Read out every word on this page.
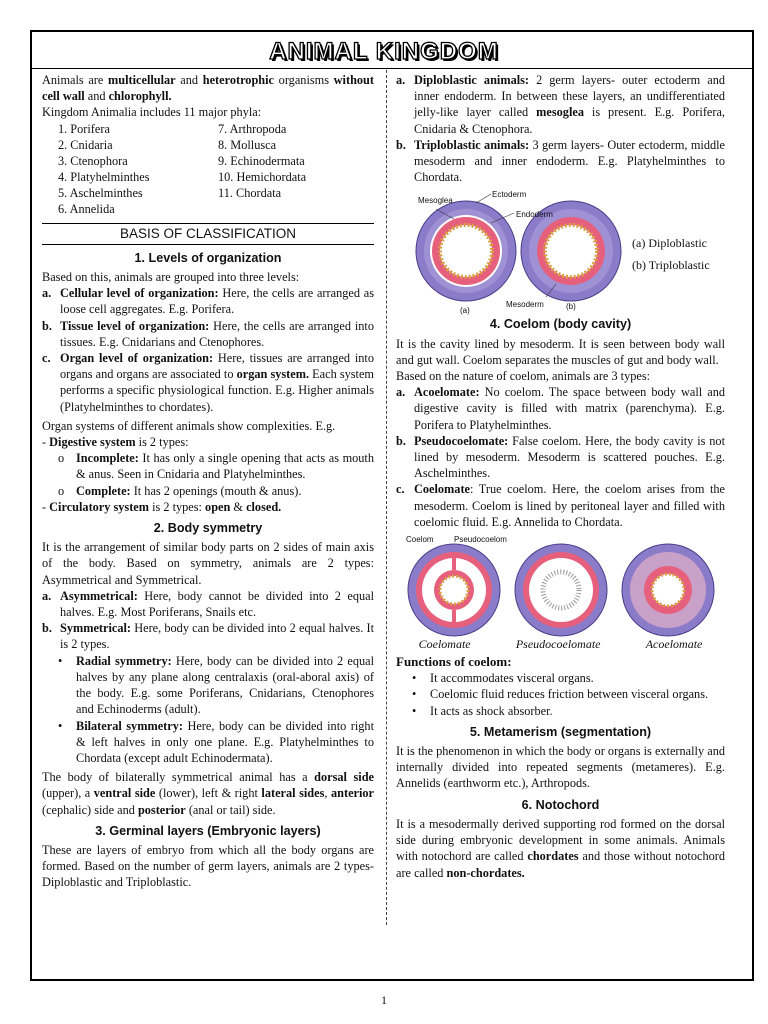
ANIMAL KINGDOM

Animals are multicellular and heterotrophic organisms without cell wall and chlorophyll.

Kingdom Animalia includes 11 major phyla:

1. Porifera	7. Arthropoda
2. Cnidaria	8. Mollusca
3. Ctenophora	9. Echinodermata
4. Platyhelminthes	10. Hemichordata
5. Aschelminthes	11. Chordata
6. Annelida
BASIS OF CLASSIFICATION
1. Levels of organization

Based on this, animals are grouped into three levels:

a. Cellular level of organization: Here, the cells are arranged as loose cell aggregates. E.g. Porifera.
b. Tissue level of organization: Here, the cells are arranged into tissues. E.g. Cnidarians and Ctenophores.
c. Organ level of organization: Here, tissues are arranged into organs and organs are associated to organ system. Each system performs a specific physiological function. E.g. Higher animals (Platyhelminthes to chordates).

Organ systems of different animals show complexities. E.g.

- Digestive system is 2 types:
o Incomplete: It has only a single opening that acts as mouth & anus. Seen in Cnidaria and Platyhelminthes.
o Complete: It has 2 openings (mouth & anus).
- Circulatory system is 2 types: open & closed.
2. Body symmetry

It is the arrangement of similar body parts on 2 sides of main axis of the body. Based on symmetry, animals are 2 types: Asymmetrical and Symmetrical.

a. Asymmetrical: Here, body cannot be divided into 2 equal halves. E.g. Most Poriferans, Snails etc.
b. Symmetrical: Here, body can be divided into 2 equal halves. It is 2 types.
•	Radial symmetry: Here, body can be divided into 2 equal halves by any plane along centralaxis (oral-aboral axis) of the body. E.g. some Poriferans, Cnidarians, Ctenophores and Echinoderms (adult).
•	Bilateral symmetry: Here, body can be divided into right & left halves in only one plane. E.g. Platyhelminthes to Chordata (except adult Echinodermata).

The body of bilaterally symmetrical animal has a dorsal side (upper), a ventral side (lower), left & right lateral sides, anterior (cephalic) side and posterior (anal or tail) side.

3. Germinal layers (Embryonic layers)

These are layers of embryo from which all the body organs are formed. Based on the number of germ layers, animals are 2 types- Diploblastic and Triploblastic.

a. Diploblastic animals: 2 germ layers- outer ectoderm and inner endoderm. In between these layers, an undifferentiated jelly-like layer called mesoglea is present. E.g. Porifera, Cnidaria & Ctenophora.
b. Triploblastic animals: 3 germ layers- Outer ectoderm, middle mesoderm and inner endoderm. E.g. Platyhelminthes to Chordata.
Mesoglea
Ectoderm
Endoderm
Mesoderm
(a)	(b)
(a) Diploblastic
(b) Triploblastic
4. Coelom (body cavity)

It is the cavity lined by mesoderm. It is seen between body wall and gut wall. Coelom separates the muscles of gut and body wall.

Based on the nature of coelom, animals are 3 types:

a. Acoelomate: No coelom. The space between body wall and digestive cavity is filled with matrix (parenchyma). E.g. Porifera to Platyhelminthes.
b. Pseudocoelomate: False coelom. Here, the body cavity is not lined by mesoderm. Mesoderm is scattered pouches. E.g. Aschelminthes.
c. Coelomate: True coelom. Here, the coelom arises from the mesoderm. Coelom is lined by peritoneal layer and filled with coelomic fluid. E.g. Annelida to Chordata.
Coelom	Pseudocoelom
Coelomate	Pseudocoelomate	Acoelomate
Functions of coelom:
•	It accommodates visceral organs.
•	Coelomic fluid reduces friction between visceral organs.
•	It acts as shock absorber.
5. Metamerism (segmentation)

It is the phenomenon in which the body or organs is externally and internally divided into repeated segments (metameres). E.g. Annelids (earthworm etc.), Arthropods.

6. Notochord

It is a mesodermally derived supporting rod formed on the dorsal side during embryonic development in some animals. Animals with notochord are called chordates and those without notochord are called non-chordates.

1
